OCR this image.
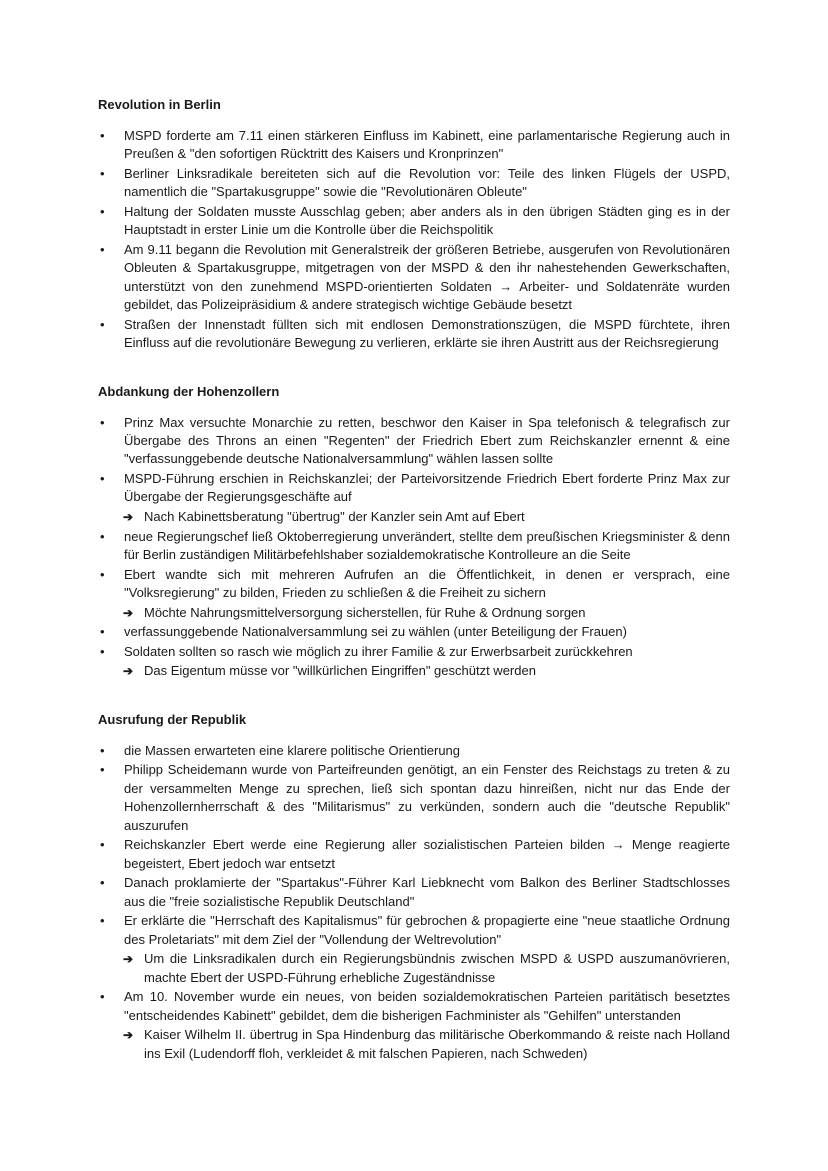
Revolution in Berlin
•	MSPD forderte am 7.11 einen stärkeren Einfluss im Kabinett, eine parlamentarische Regierung auch in Preußen & "den sofortigen Rücktritt des Kaisers und Kronprinzen"
•	Berliner Linksradikale bereiteten sich auf die Revolution vor: Teile des linken Flügels der USPD, namentlich die "Spartakusgruppe" sowie die "Revolutionären Obleute"
•	Haltung der Soldaten musste Ausschlag geben; aber anders als in den übrigen Städten ging es in der Hauptstadt in erster Linie um die Kontrolle über die Reichspolitik
•	Am 9.11 begann die Revolution mit Generalstreik der größeren Betriebe, ausgerufen von Revolutionären Obleuten & Spartakusgruppe, mitgetragen von der MSPD & den ihr nahestehenden Gewerkschaften, unterstützt von den zunehmend MSPD-orientierten Soldaten → Arbeiter- und Soldatenräte wurden gebildet, das Polizeipräsidium & andere strategisch wichtige Gebäude besetzt
•	Straßen der Innenstadt füllten sich mit endlosen Demonstrationszügen, die MSPD fürchtete, ihren Einfluss auf die revolutionäre Bewegung zu verlieren, erklärte sie ihren Austritt aus der Reichsregierung
Abdankung der Hohenzollern
•	Prinz Max versuchte Monarchie zu retten, beschwor den Kaiser in Spa telefonisch & telegrafisch zur Übergabe des Throns an einen "Regenten" der Friedrich Ebert zum Reichskanzler ernennt & eine "verfassunggebende deutsche Nationalversammlung" wählen lassen sollte
•	MSPD-Führung erschien in Reichskanzlei; der Parteivorsitzende Friedrich Ebert forderte Prinz Max zur Übergabe der Regierungsgeschäfte auf
➔ Nach Kabinettsberatung "übertrug" der Kanzler sein Amt auf Ebert
•	neue Regierungschef ließ Oktoberregierung unverändert, stellte dem preußischen Kriegsminister & denn für Berlin zuständigen Militärbefehlshaber sozialdemokratische Kontrolleure an die Seite
•	Ebert wandte sich mit mehreren Aufrufen an die Öffentlichkeit, in denen er versprach, eine "Volksregierung" zu bilden, Frieden zu schließen & die Freiheit zu sichern
➔ Möchte Nahrungsmittelversorgung sicherstellen, für Ruhe & Ordnung sorgen
•	verfassunggebende Nationalversammlung sei zu wählen (unter Beteiligung der Frauen)
•	Soldaten sollten so rasch wie möglich zu ihrer Familie & zur Erwerbsarbeit zurückkehren
➔ Das Eigentum müsse vor "willkürlichen Eingriffen" geschützt werden
Ausrufung der Republik
•	die Massen erwarteten eine klarere politische Orientierung
•	Philipp Scheidemann wurde von Parteifreunden genötigt, an ein Fenster des Reichstags zu treten & zu der versammelten Menge zu sprechen, ließ sich spontan dazu hinreißen, nicht nur das Ende der Hohenzollernherrschaft & des "Militarismus" zu verkünden, sondern auch die "deutsche Republik" auszurufen
•	Reichskanzler Ebert werde eine Regierung aller sozialistischen Parteien bilden → Menge reagierte begeistert, Ebert jedoch war entsetzt
•	Danach proklamierte der "Spartakus"-Führer Karl Liebknecht vom Balkon des Berliner Stadtschlosses aus die "freie sozialistische Republik Deutschland"
•	Er erklärte die "Herrschaft des Kapitalismus" für gebrochen & propagierte eine "neue staatliche Ordnung des Proletariats" mit dem Ziel der "Vollendung der Weltrevolution"
➔ Um die Linksradikalen durch ein Regierungsbündnis zwischen MSPD & USPD auszumanövrieren, machte Ebert der USPD-Führung erhebliche Zugeständnisse
•	Am 10. November wurde ein neues, von beiden sozialdemokratischen Parteien paritätisch besetztes "entscheidendes Kabinett" gebildet, dem die bisherigen Fachminister als "Gehilfen" unterstanden
➔ Kaiser Wilhelm II. übertrug in Spa Hindenburg das militärische Oberkommando & reiste nach Holland ins Exil (Ludendorff floh, verkleidet & mit falschen Papieren, nach Schweden)
